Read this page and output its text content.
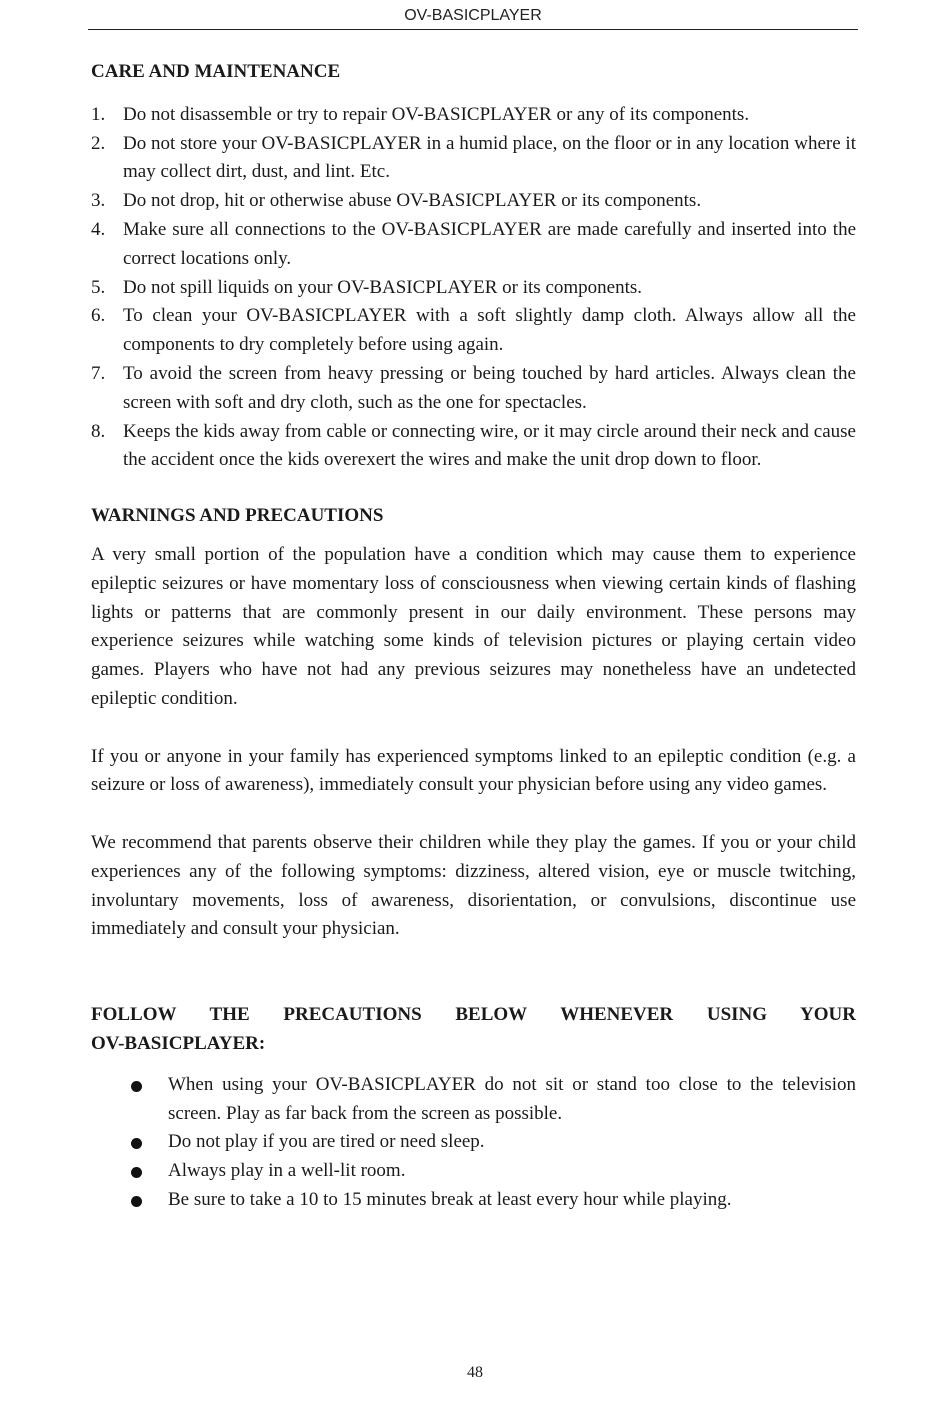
OV-BASICPLAYER
CARE AND MAINTENANCE
1. Do not disassemble or try to repair OV-BASICPLAYER or any of its components.
2. Do not store your OV-BASICPLAYER in a humid place, on the floor or in any location where it may collect dirt, dust, and lint. Etc.
3. Do not drop, hit or otherwise abuse OV-BASICPLAYER or its components.
4. Make sure all connections to the OV-BASICPLAYER are made carefully and inserted into the correct locations only.
5. Do not spill liquids on your OV-BASICPLAYER or its components.
6. To clean your OV-BASICPLAYER with a soft slightly damp cloth. Always allow all the components to dry completely before using again.
7. To avoid the screen from heavy pressing or being touched by hard articles. Always clean the screen with soft and dry cloth, such as the one for spectacles.
8. Keeps the kids away from cable or connecting wire, or it may circle around their neck and cause the accident once the kids overexert the wires and make the unit drop down to floor.
WARNINGS AND PRECAUTIONS

A very small portion of the population have a condition which may cause them to experience epileptic seizures or have momentary loss of consciousness when viewing certain kinds of flashing lights or patterns that are commonly present in our daily environment. These persons may experience seizures while watching some kinds of television pictures or playing certain video games. Players who have not had any previous seizures may nonetheless have an undetected epileptic condition.

If you or anyone in your family has experienced symptoms linked to an epileptic condition (e.g. a seizure or loss of awareness), immediately consult your physician before using any video games.

We recommend that parents observe their children while they play the games. If you or your child experiences any of the following symptoms: dizziness, altered vision, eye or muscle twitching, involuntary movements, loss of awareness, disorientation, or convulsions, discontinue use immediately and consult your physician.

FOLLOW THE PRECAUTIONS BELOW WHENEVER USING YOUR
OV-BASICPLAYER:
When using your OV-BASICPLAYER do not sit or stand too close to the television screen. Play as far back from the screen as possible.
Do not play if you are tired or need sleep.
Always play in a well-lit room.
Be sure to take a 10 to 15 minutes break at least every hour while playing.
48
